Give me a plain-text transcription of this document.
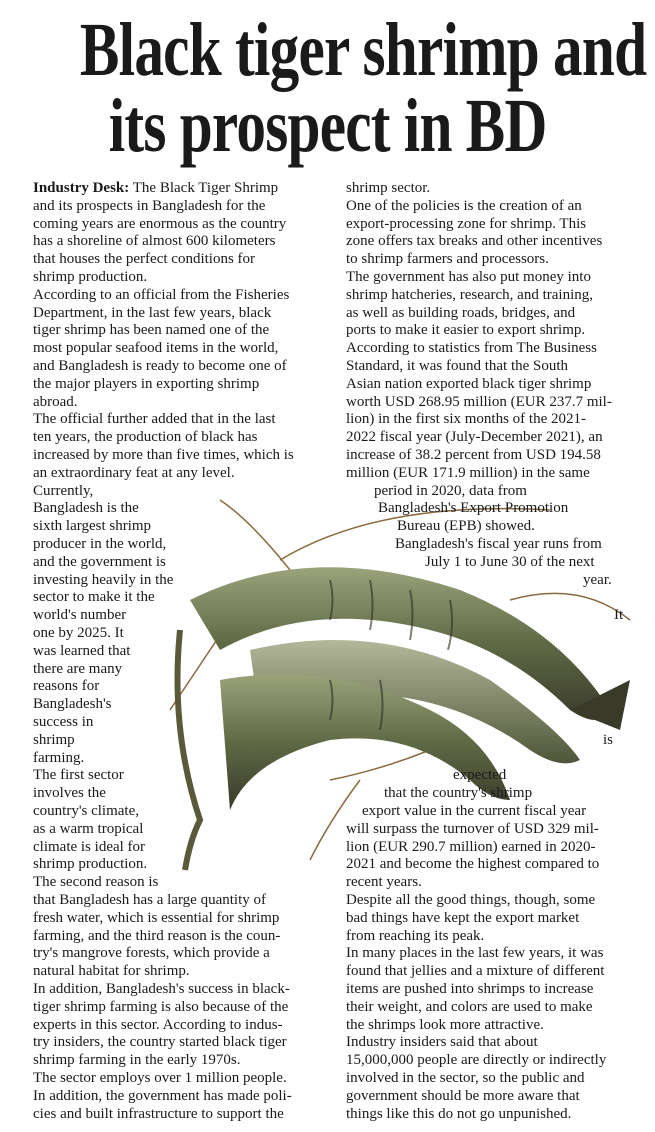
Black tiger shrimp and
its prospect in BD
Industry Desk: The Black Tiger Shrimp
and its prospects in Bangladesh for the
coming years are enormous as the country
has a shoreline of almost 600 kilometers
that houses the perfect conditions for
shrimp production.
According to an official from the Fisheries
Department, in the last few years, black
tiger shrimp has been named one of the
most popular seafood items in the world,
and Bangladesh is ready to become one of
the major players in exporting shrimp
abroad.
The official further added that in the last
ten years, the production of black has
increased by more than five times, which is
an extraordinary feat at any level.
Currently,
Bangladesh is the
sixth largest shrimp
producer in the world,
and the government is
investing heavily in the
sector to make it the
world's number
one by 2025. It
was learned that
there are many
reasons for
Bangladesh's
success in
shrimp
farming.
The first sector
involves the
country's climate,
as a warm tropical
climate is ideal for
shrimp production.
The second reason is
that Bangladesh has a large quantity of
fresh water, which is essential for shrimp
farming, and the third reason is the coun-
try's mangrove forests, which provide a
natural habitat for shrimp.
In addition, Bangladesh's success in black-
tiger shrimp farming is also because of the
experts in this sector. According to indus-
try insiders, the country started black tiger
shrimp farming in the early 1970s.
The sector employs over 1 million people.
In addition, the government has made poli-
cies and built infrastructure to support the
shrimp sector.
One of the policies is the creation of an
export-processing zone for shrimp. This
zone offers tax breaks and other incentives
to shrimp farmers and processors.
The government has also put money into
shrimp hatcheries, research, and training,
as well as building roads, bridges, and
ports to make it easier to export shrimp.
According to statistics from The Business
Standard, it was found that the South
Asian nation exported black tiger shrimp
worth USD 268.95 million (EUR 237.7 mil-
lion) in the first six months of the 2021-
2022 fiscal year (July-December 2021), an
increase of 38.2 percent from USD 194.58
million (EUR 171.9 million) in the same
period in 2020, data from
Bangladesh's Export Promotion
Bureau (EPB) showed.
Bangladesh's fiscal year runs from
July 1 to June 30 of the next
year.
It
is
expected
that the country's shrimp
export value in the current fiscal year
will surpass the turnover of USD 329 mil-
lion (EUR 290.7 million) earned in 2020-
2021 and become the highest compared to
recent years.
Despite all the good things, though, some
bad things have kept the export market
from reaching its peak.
In many places in the last few years, it was
found that jellies and a mixture of different
items are pushed into shrimps to increase
their weight, and colors are used to make
the shrimps look more attractive.
Industry insiders said that about
15,000,000 people are directly or indirectly
involved in the sector, so the public and
government should be more aware that
things like this do not go unpunished.
